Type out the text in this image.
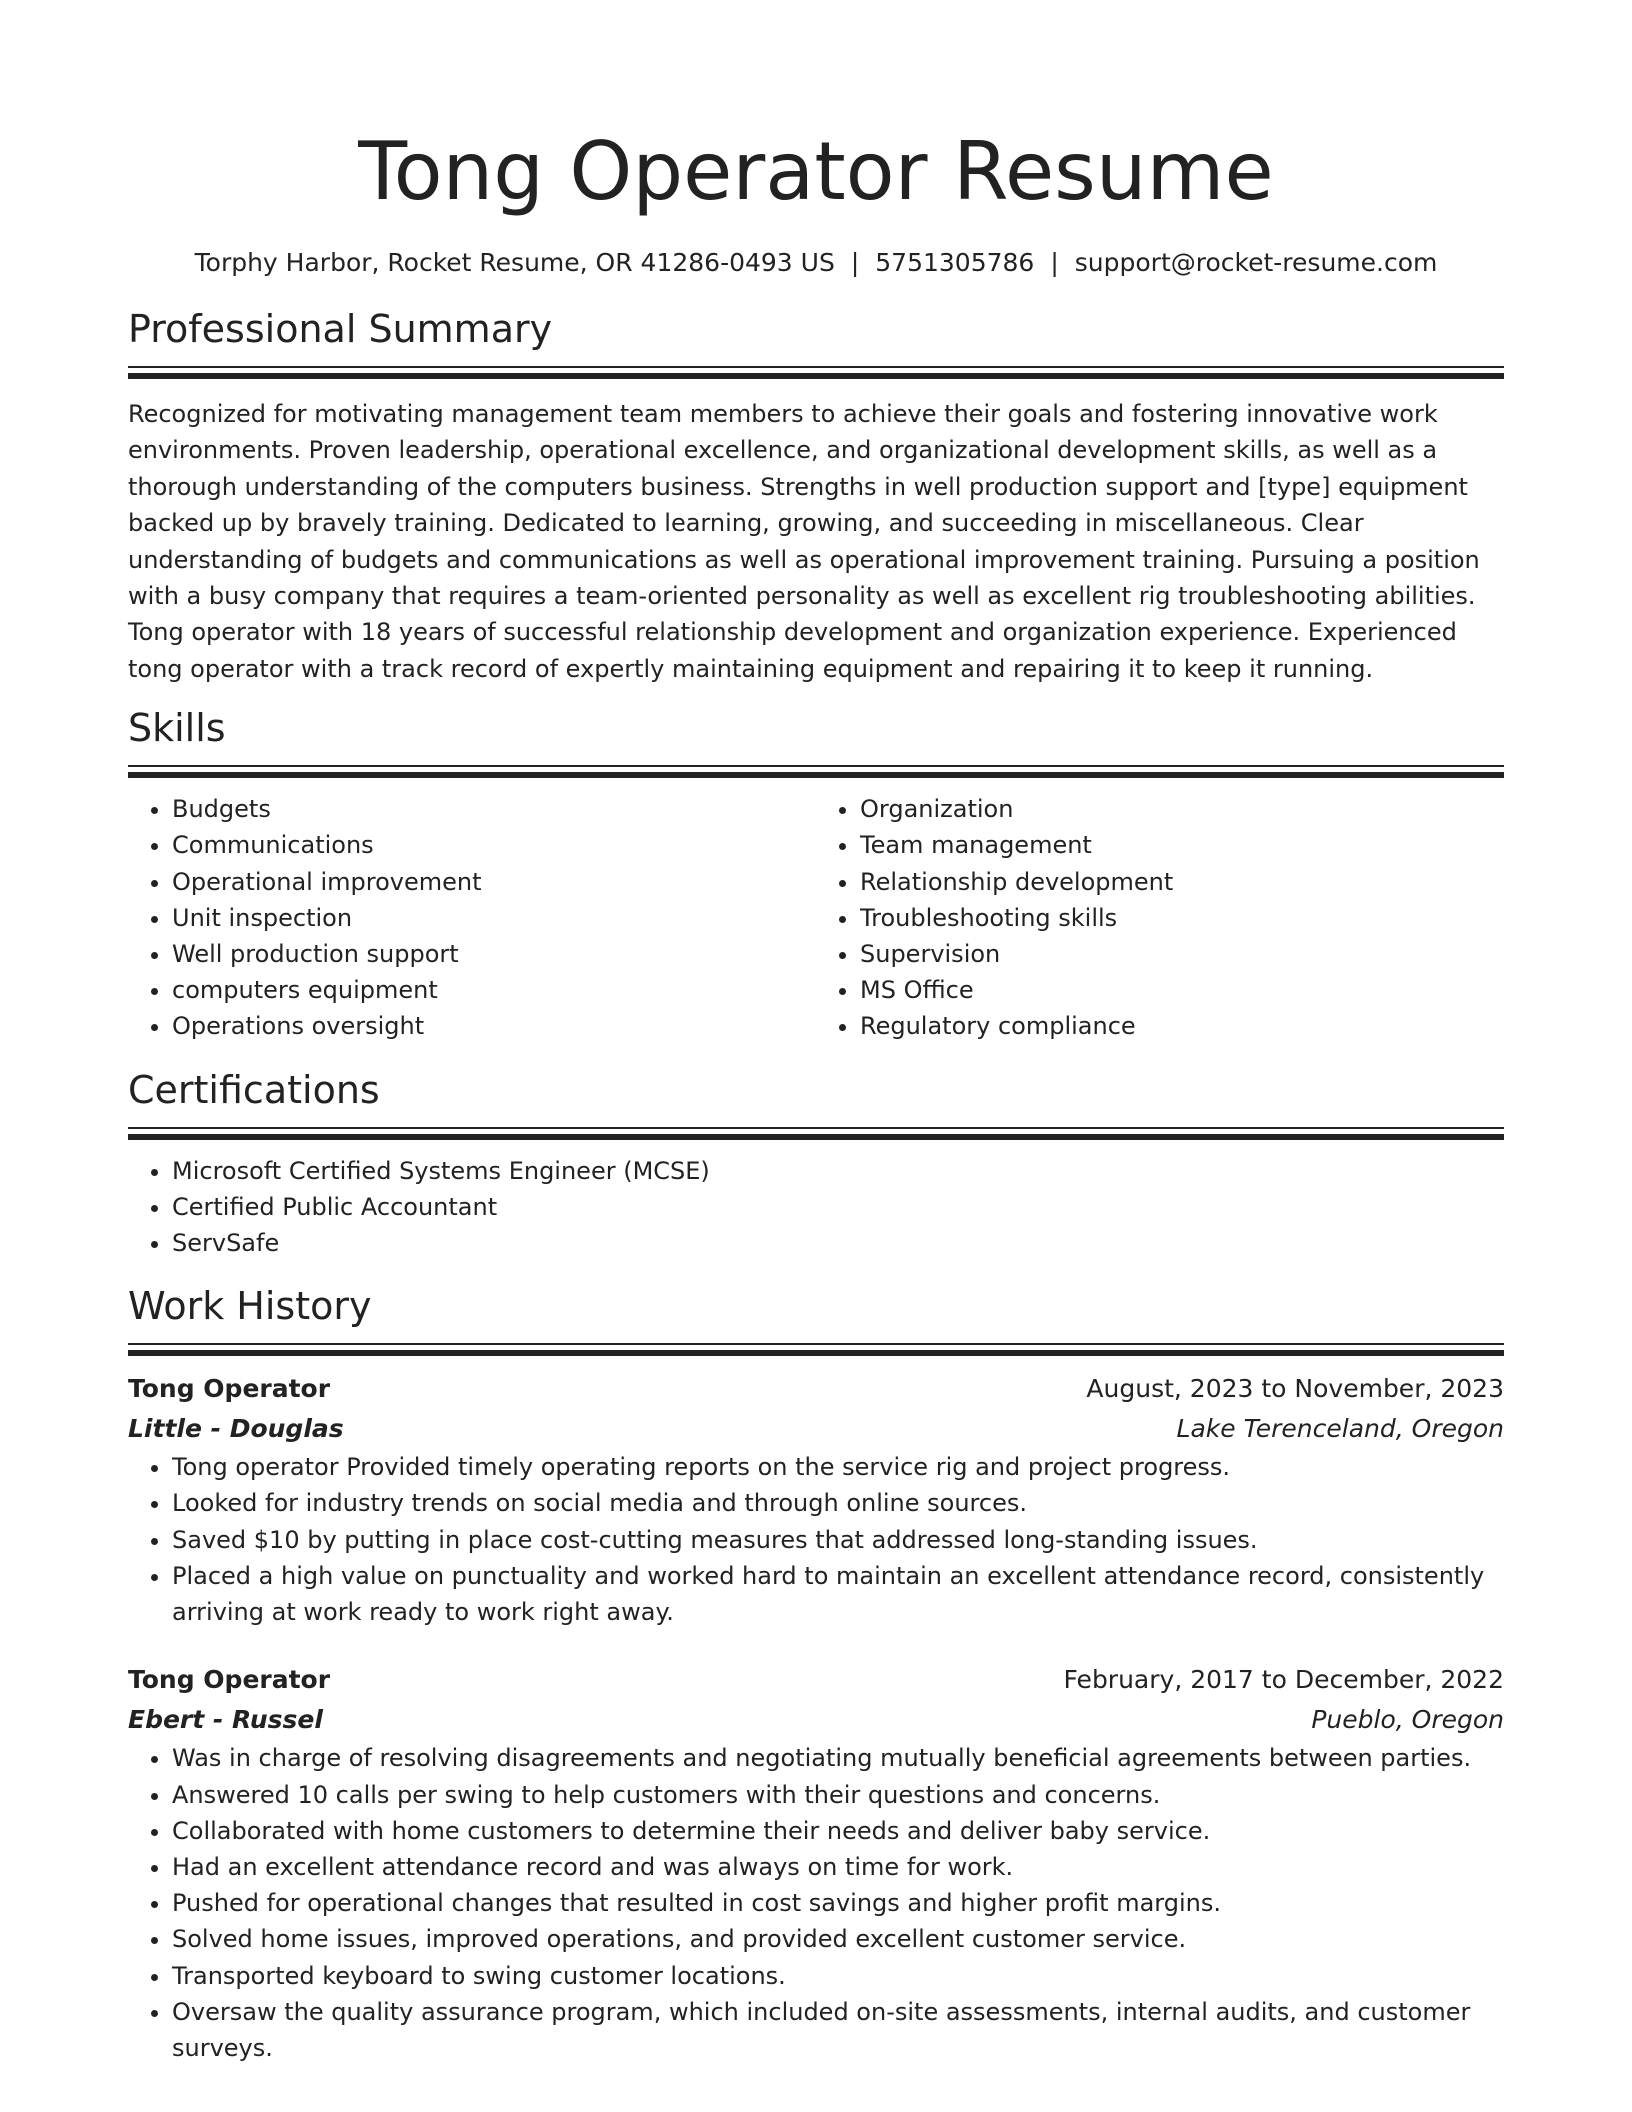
Tong Operator Resume
Torphy Harbor, Rocket Resume, OR 41286-0493 US | 5751305786 | support@rocket-resume.com
Professional Summary

Recognized for motivating management team members to achieve their goals and fostering innovative work environments. Proven leadership, operational excellence, and organizational development skills, as well as a thorough understanding of the computers business. Strengths in well production support and [type] equipment backed up by bravely training. Dedicated to learning, growing, and succeeding in miscellaneous. Clear understanding of budgets and communications as well as operational improvement training. Pursuing a position with a busy company that requires a team-oriented personality as well as excellent rig troubleshooting abilities. Tong operator with 18 years of successful relationship development and organization experience. Experienced tong operator with a track record of expertly maintaining equipment and repairing it to keep it running.

Skills
• Budgets
• Communications
• Operational improvement
• Unit inspection
• Well production support
• computers equipment
• Operations oversight
• Organization
• Team management
• Relationship development
• Troubleshooting skills
• Supervision
• MS Office
• Regulatory compliance
Certifications
• Microsoft Certified Systems Engineer (MCSE)
• Certified Public Accountant
• ServSafe
Work History
Tong Operator	August, 2023 to November, 2023
Little - Douglas	Lake Terenceland, Oregon
• Tong operator Provided timely operating reports on the service rig and project progress.
• Looked for industry trends on social media and through online sources.
• Saved $10 by putting in place cost-cutting measures that addressed long-standing issues.
• Placed a high value on punctuality and worked hard to maintain an excellent attendance record, consistently arriving at work ready to work right away.
Tong Operator	February, 2017 to December, 2022
Ebert - Russel	Pueblo, Oregon
• Was in charge of resolving disagreements and negotiating mutually beneficial agreements between parties.
• Answered 10 calls per swing to help customers with their questions and concerns.
• Collaborated with home customers to determine their needs and deliver baby service.
• Had an excellent attendance record and was always on time for work.
• Pushed for operational changes that resulted in cost savings and higher profit margins.
• Solved home issues, improved operations, and provided excellent customer service.
• Transported keyboard to swing customer locations.
• Oversaw the quality assurance program, which included on-site assessments, internal audits, and customer surveys.
